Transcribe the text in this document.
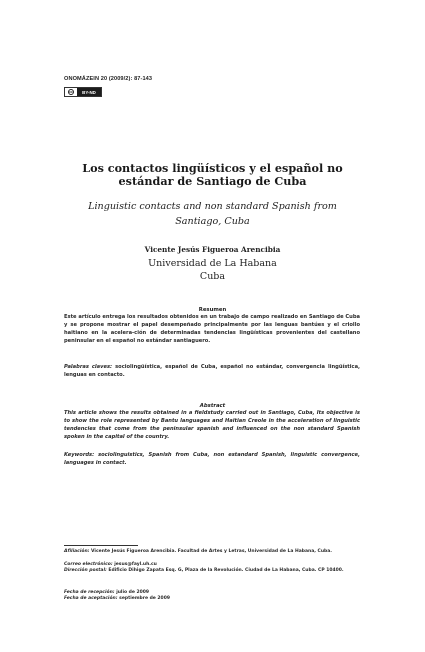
ONOMÁZEIN 20 (2009/2): 87-143
cc	BY-ND
Los contactos lingüísticos y el español no
estándar de Santiago de Cuba
Linguistic contacts and non standard Spanish from
Santiago, Cuba
Vicente Jesús Figueroa Arencibia
Universidad de La Habana
Cuba
Resumen
Este artículo entrega los resultados obtenidos en un trabajo de campo realizado en Santiago de Cuba y se propone mostrar el papel desempeñado principalmente por las lenguas bantúes y el criollo haitiano en la acelera-ción de determinadas tendencias lingüísticas provenientes del castellano peninsular en el español no estándar santiaguero.
Palabras claves: sociolingüística, español de Cuba, español no estándar, convergencia lingüística, lenguas en contacto.
Abstract
This article shows the results obtained in a fieldstudy carried out in Santiago, Cuba, Its objective is to show the role represented by Bantu languages and Haitian Creole in the acceleration of linguistic tendencies that come from the peninsular spanish and influenced on the non standard Spanish spoken in the capital of the country.
Keywords: sociolinguistics, Spanish from Cuba, non estandard Spanish, linguistic convergence, languages in contact.
Afiliación: Vicente Jesús Figueroa Arencibia. Facultad de Artes y Letras, Universidad de La Habana, Cuba.
Correo electrónico: jesus@fayl.uh.cu
Dirección postal: Edificio Dihigo Zapata Esq. G, Plaza de la Revolución. Ciudad de La Habana, Cuba. CP 10400.
Fecha de recepción: julio de 2009
Fecha de aceptación: septiembre de 2009
